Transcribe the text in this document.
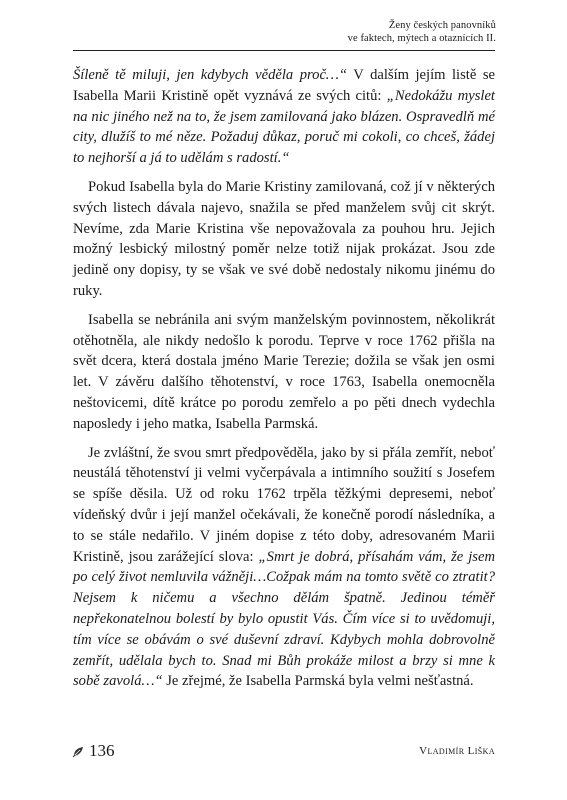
Ženy českých panovníků
ve faktech, mýtech a otaznících II.

Šíleně tě miluji, jen kdybych věděla proč…“ V dalším jejím listě se Isabella Marii Kristině opět vyznává ze svých citů: „Nedokážu myslet na nic jiného než na to, že jsem zamilovaná jako blázen. Ospravedlň mé city, dlužíš to mé něze. Požaduj důkaz, poruč mi cokoli, co chceš, žádej to nejhorší a já to udělám s radostí.“

Pokud Isabella byla do Marie Kristiny zamilovaná, což jí v některých svých listech dávala najevo, snažila se před manželem svůj cit skrýt. Nevíme, zda Marie Kristina vše nepovažovala za pouhou hru. Jejich možný lesbický milostný poměr nelze totiž nijak prokázat. Jsou zde jedině ony dopisy, ty se však ve své době nedostaly nikomu jinému do ruky.

Isabella se nebránila ani svým manželským povinnostem, několikrát otěhotněla, ale nikdy nedošlo k porodu. Teprve v roce 1762 přišla na svět dcera, která dostala jméno Marie Terezie; dožila se však jen osmi let. V závěru dalšího těhotenství, v roce 1763, Isabella onemocněla neštovicemi, dítě krátce po porodu zemřelo a po pěti dnech vydechla naposledy i jeho matka, Isabella Parmská.

Je zvláštní, že svou smrt předpověděla, jako by si přála zemřít, neboť neustálá těhotenství ji velmi vyčerpávala a intimního soužití s Josefem se spíše děsila. Už od roku 1762 trpěla těžkými depresemi, neboť vídeňský dvůr i její manžel očekávali, že konečně porodí následníka, a to se stále nedařilo. V jiném dopise z této doby, adresovaném Marii Kristině, jsou zarážející slova: „Smrt je dobrá, přísahám vám, že jsem po celý život nemluvila vážněji…Cožpak mám na tomto světě co ztratit? Nejsem k ničemu a všechno dělám špatně. Jedinou téměř nepřekonatelnou bolestí by bylo opustit Vás. Čím více si to uvědomuji, tím více se obávám o své duševní zdraví. Kdybych mohla dobrovolně zemřít, udělala bych to. Snad mi Bůh prokáže milost a brzy si mne k sobě zavolá…“ Je zřejmé, že Isabella Parmská byla velmi nešťastná.

136	Vladimír Liška
